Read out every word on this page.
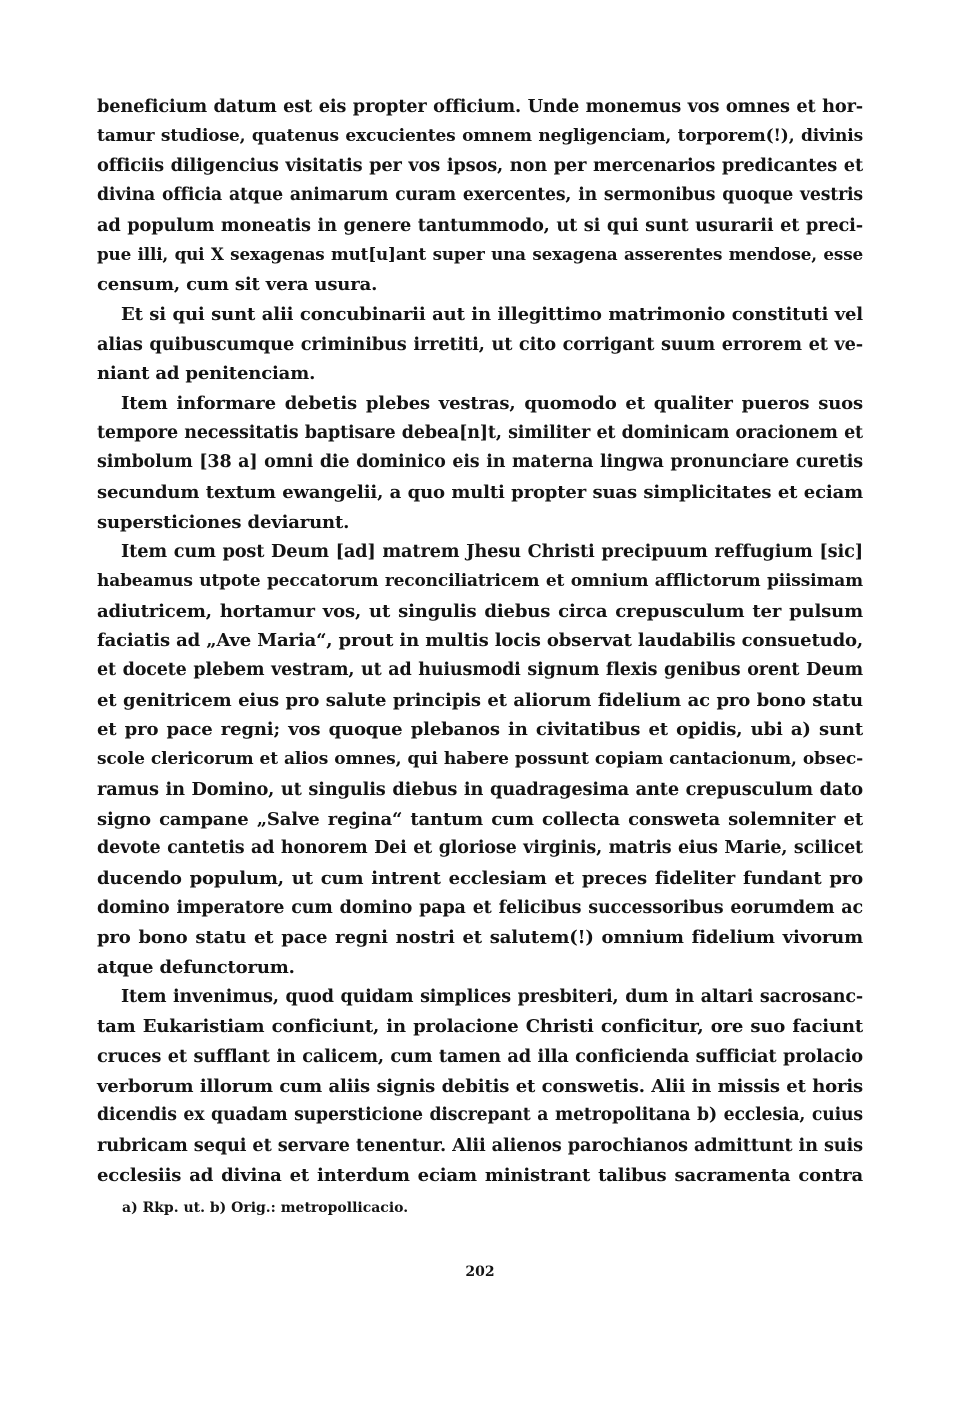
beneficium datum est eis propter officium. Unde monemus vos omnes et hor-
tamur studiose, quatenus excucientes omnem negligenciam, torporem(!), divinis
officiis diligencius visitatis per vos ipsos, non per mercenarios predicantes et
divina officia atque animarum curam exercentes, in sermonibus quoque vestris
ad populum moneatis in genere tantummodo, ut si qui sunt usurarii et preci-
pue illi, qui X sexagenas mut[u]ant super una sexagena asserentes mendose, esse
censum, cum sit vera usura.
Et si qui sunt alii concubinarii aut in illegittimo matrimonio constituti vel
alias quibuscumque criminibus irretiti, ut cito corrigant suum errorem et ve-
niant ad penitenciam.
Item informare debetis plebes vestras, quomodo et qualiter pueros suos
tempore necessitatis baptisare debea[n]t, similiter et dominicam oracionem et
simbolum [38 a] omni die dominico eis in materna lingwa pronunciare curetis
secundum textum ewangelii, a quo multi propter suas simplicitates et eciam
supersticiones deviarunt.
Item cum post Deum [ad] matrem Jhesu Christi precipuum reffugium [sic]
habeamus utpote peccatorum reconciliatricem et omnium afflictorum piissimam
adiutricem, hortamur vos, ut singulis diebus circa crepusculum ter pulsum
faciatis ad „Ave Maria“, prout in multis locis observat laudabilis consuetudo,
et docete plebem vestram, ut ad huiusmodi signum flexis genibus orent Deum
et genitricem eius pro salute principis et aliorum fidelium ac pro bono statu
et pro pace regni; vos quoque plebanos in civitatibus et opidis, ubi a) sunt
scole clericorum et alios omnes, qui habere possunt copiam cantacionum, obsec-
ramus in Domino, ut singulis diebus in quadragesima ante crepusculum dato
signo campane „Salve regina“ tantum cum collecta consweta solemniter et
devote cantetis ad honorem Dei et gloriose virginis, matris eius Marie, scilicet
ducendo populum, ut cum intrent ecclesiam et preces fideliter fundant pro
domino imperatore cum domino papa et felicibus successoribus eorumdem ac
pro bono statu et pace regni nostri et salutem(!) omnium fidelium vivorum
atque defunctorum.
Item invenimus, quod quidam simplices presbiteri, dum in altari sacrosanc-
tam Eukaristiam conficiunt, in prolacione Christi conficitur, ore suo faciunt
cruces et sufflant in calicem, cum tamen ad illa conficienda sufficiat prolacio
verborum illorum cum aliis signis debitis et conswetis. Alii in missis et horis
dicendis ex quadam supersticione discrepant a metropolitana b) ecclesia, cuius
rubricam sequi et servare tenentur. Alii alienos parochianos admittunt in suis
ecclesiis ad divina et interdum eciam ministrant talibus sacramenta contra
a) Rkp. ut. b) Orig.: metropollicacio.
202
